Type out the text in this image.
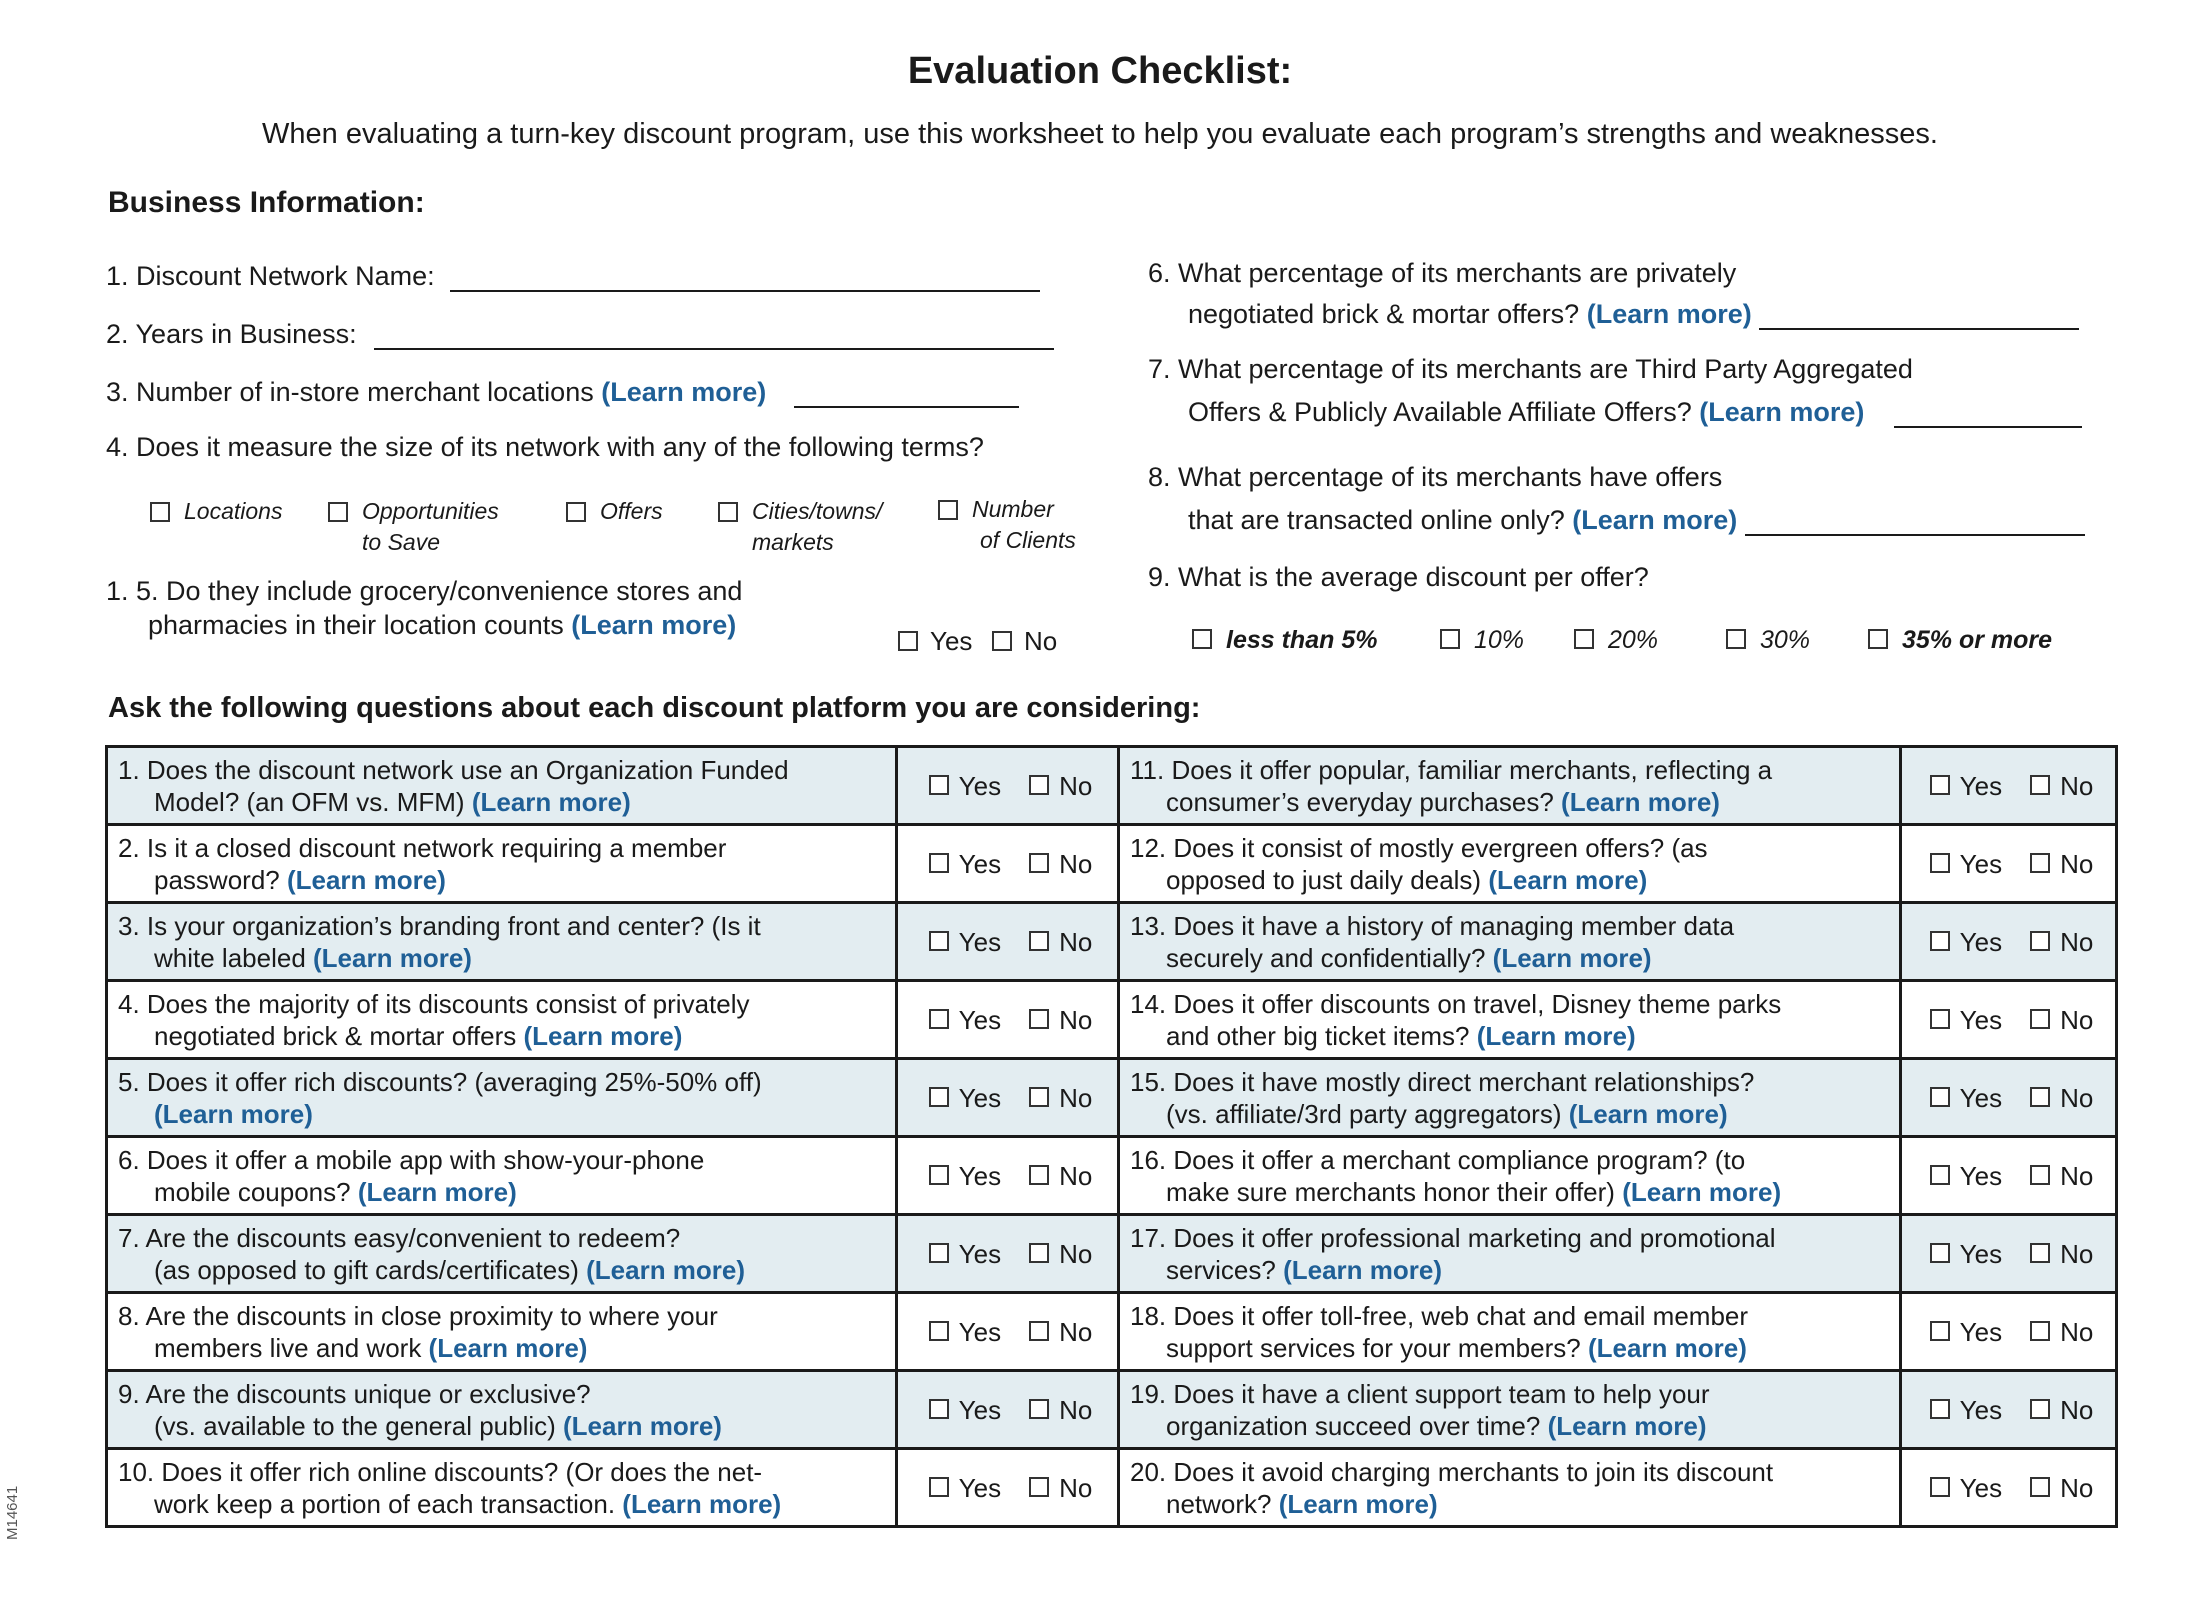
Evaluation Checklist:
When evaluating a turn-key discount program, use this worksheet to help you evaluate each program’s strengths and weaknesses.
Business Information:
1. Discount Network Name:
2. Years in Business:
3. Number of in-store merchant locations (Learn more)
4. Does it measure the size of its network with any of the following terms?
Locations	Opportunities
to Save
Offers	Cities/towns/
markets
Number
of Clients
1. 5. Do they include grocery/convenience stores and
pharmacies in their location counts (Learn more)
Yes	No
6. What percentage of its merchants are privately
negotiated brick & mortar offers? (Learn more)
7. What percentage of its merchants are Third Party Aggregated
Offers & Publicly Available Affiliate Offers? (Learn more)
8. What percentage of its merchants have offers
that are transacted online only? (Learn more)
9. What is the average discount per offer?
less than 5%	10%	20%	30%	35% or more
Ask the following questions about each discount platform you are considering:
1. Does the discount network use an Organization Funded
Model? (an OFM vs. MFM) (Learn more)	Yes No	11. Does it offer popular, familiar merchants, reflecting a
consumer’s everyday purchases? (Learn more)	Yes No

2. Is it a closed discount network requiring a member
password? (Learn more)	Yes No	12. Does it consist of mostly evergreen offers? (as
opposed to just daily deals) (Learn more)	Yes No

3. Is your organization’s branding front and center? (Is it
white labeled (Learn more)	Yes No	13. Does it have a history of managing member data
securely and confidentially? (Learn more)	Yes No

4. Does the majority of its discounts consist of privately
negotiated brick & mortar offers (Learn more)	Yes No	14. Does it offer discounts on travel, Disney theme parks
and other big ticket items? (Learn more)	Yes No

5. Does it offer rich discounts? (averaging 25%-50% off)
(Learn more)	Yes No	15. Does it have mostly direct merchant relationships?
(vs. affiliate/3rd party aggregators) (Learn more)	Yes No

6. Does it offer a mobile app with show-your-phone
mobile coupons? (Learn more)	Yes No	16. Does it offer a merchant compliance program? (to
make sure merchants honor their offer) (Learn more)	Yes No

7. Are the discounts easy/convenient to redeem?
(as opposed to gift cards/certificates) (Learn more)	Yes No	17. Does it offer professional marketing and promotional
services? (Learn more)	Yes No

8. Are the discounts in close proximity to where your
members live and work (Learn more)	Yes No	18. Does it offer toll-free, web chat and email member
support services for your members? (Learn more)	Yes No

9. Are the discounts unique or exclusive?
(vs. available to the general public) (Learn more)	Yes No	19. Does it have a client support team to help your
organization succeed over time? (Learn more)	Yes No

10. Does it offer rich online discounts? (Or does the net-
work keep a portion of each transaction. (Learn more)	Yes No	20. Does it avoid charging merchants to join its discount
network? (Learn more)	Yes No
M14641
